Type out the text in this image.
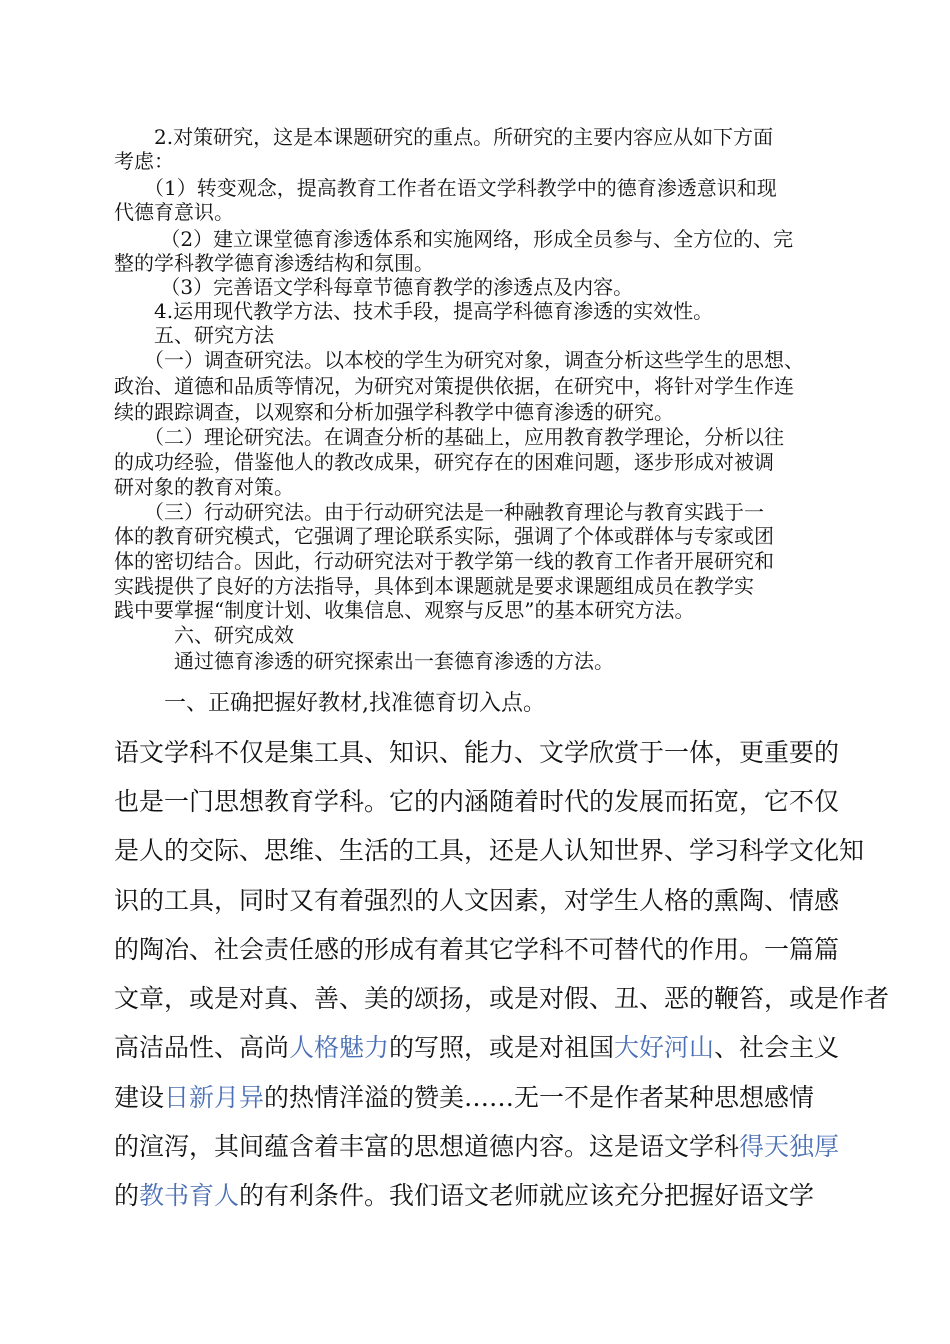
　　2.对策研究，这是本课题研究的重点。所研究的主要内容应从如下方面

考虑：

　　（1）转变观念，提高教育工作者在语文学科教学中的德育渗透意识和现

代德育意识。

　　 （2）建立课堂德育渗透体系和实施网络，形成全员参与、全方位的、完

整的学科教学德育渗透结构和氛围。

　　 （3）完善语文学科每章节德育教学的渗透点及内容。

　　4.运用现代教学方法、技术手段，提高学科德育渗透的实效性。

　　五、研究方法

　　（一）调查研究法。以本校的学生为研究对象，调查分析这些学生的思想、

政治、道德和品质等情况，为研究对策提供依据，在研究中，将针对学生作连

续的跟踪调查，以观察和分析加强学科教学中德育渗透的研究。

　　（二）理论研究法。在调查分析的基础上，应用教育教学理论，分析以往

的成功经验，借鉴他人的教改成果，研究存在的困难问题，逐步形成对被调

研对象的教育对策。

　　（三）行动研究法。由于行动研究法是一种融教育理论与教育实践于一

体的教育研究模式，它强调了理论联系实际，强调了个体或群体与专家或团

体的密切结合。因此，行动研究法对于教学第一线的教育工作者开展研究和

实践提供了良好的方法指导，具体到本课题就是要求课题组成员在教学实

践中要掌握“制度计划、收集信息、观察与反思”的基本研究方法。

　　　六、研究成效

　　　通过德育渗透的研究探索出一套德育渗透的方法。

一、正确把握好教材,找准德育切入点。

语文学科不仅是集工具、知识、能力、文学欣赏于一体，更重要的

也是一门思想教育学科。它的内涵随着时代的发展而拓宽，它不仅

是人的交际、思维、生活的工具，还是人认知世界、学习科学文化知

识的工具，同时又有着强烈的人文因素，对学生人格的熏陶、情感

的陶冶、社会责任感的形成有着其它学科不可替代的作用。一篇篇

文章，或是对真、善、美的颂扬，或是对假、丑、恶的鞭笞，或是作者

高洁品性、高尚人格魅力的写照，或是对祖国大好河山、社会主义

建设日新月异的热情洋溢的赞美……无一不是作者某种思想感情

的渲泻，其间蕴含着丰富的思想道德内容。这是语文学科得天独厚

的教书育人的有利条件。我们语文老师就应该充分把握好语文学
